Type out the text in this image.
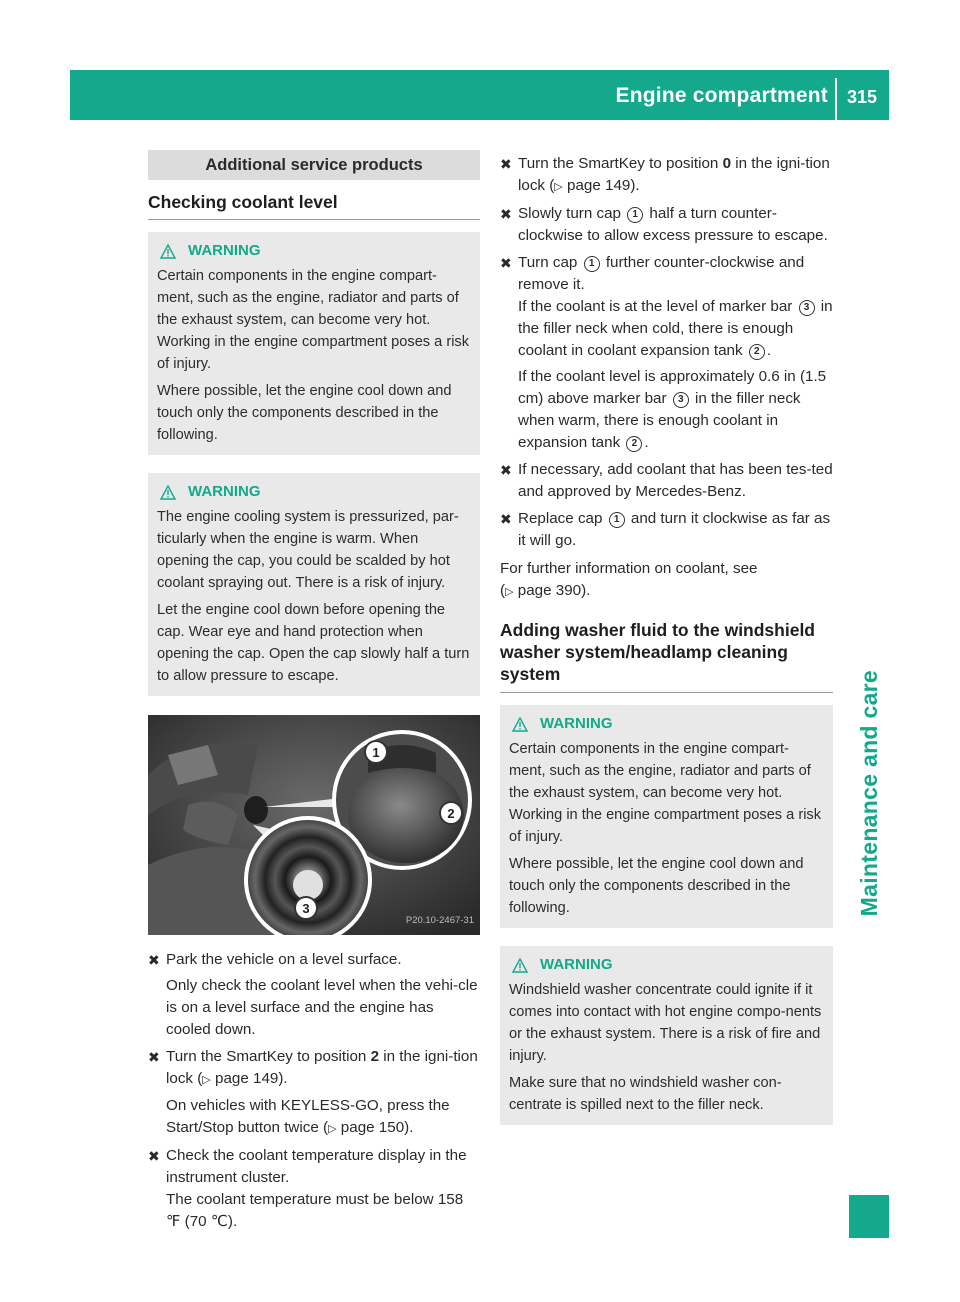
Engine compartment 315
Maintenance and care
Additional service products
Checking coolant level
WARNING

Certain components in the engine compart-ment, such as the engine, radiator and parts of the exhaust system, can become very hot. Working in the engine compartment poses a risk of injury.

Where possible, let the engine cool down and touch only the components described in the following.

WARNING

The engine cooling system is pressurized, par-ticularly when the engine is warm. When opening the cap, you could be scalded by hot coolant spraying out. There is a risk of injury.

Let the engine cool down before opening the cap. Wear eye and hand protection when opening the cap. Open the cap slowly half a turn to allow pressure to escape.

1
2
3
P20.10-2467-31
✖ Park the vehicle on a level surface.

Only check the coolant level when the vehi-cle is on a level surface and the engine has cooled down.

✖ Turn the SmartKey to position 2 in the igni-tion lock (▷ page 149).

On vehicles with KEYLESS-GO, press the Start/Stop button twice (▷ page 150).

✖ Check the coolant temperature display in the instrument cluster.

The coolant temperature must be below 158 ℉ (70 ℃).

✖ Turn the SmartKey to position 0 in the igni-tion lock (▷ page 149).

✖ Slowly turn cap 1 half a turn counter-clockwise to allow excess pressure to escape.

✖ Turn cap 1 further counter-clockwise and remove it.

If the coolant is at the level of marker bar 3 in the filler neck when cold, there is enough coolant in coolant expansion tank 2 .

If the coolant level is approximately 0.6 in (1.5 cm) above marker bar 3 in the filler neck when warm, there is enough coolant in expansion tank 2 .

✖ If necessary, add coolant that has been tes-ted and approved by Mercedes-Benz.

✖ Replace cap 1 and turn it clockwise as far as it will go.

For further information on coolant, see
(▷ page 390).

Adding washer fluid to the windshield washer system/headlamp cleaning system
WARNING

Certain components in the engine compart-ment, such as the engine, radiator and parts of the exhaust system, can become very hot. Working in the engine compartment poses a risk of injury.

Where possible, let the engine cool down and touch only the components described in the following.

WARNING

Windshield washer concentrate could ignite if it comes into contact with hot engine compo-nents or the exhaust system. There is a risk of fire and injury.

Make sure that no windshield washer con-centrate is spilled next to the filler neck.
